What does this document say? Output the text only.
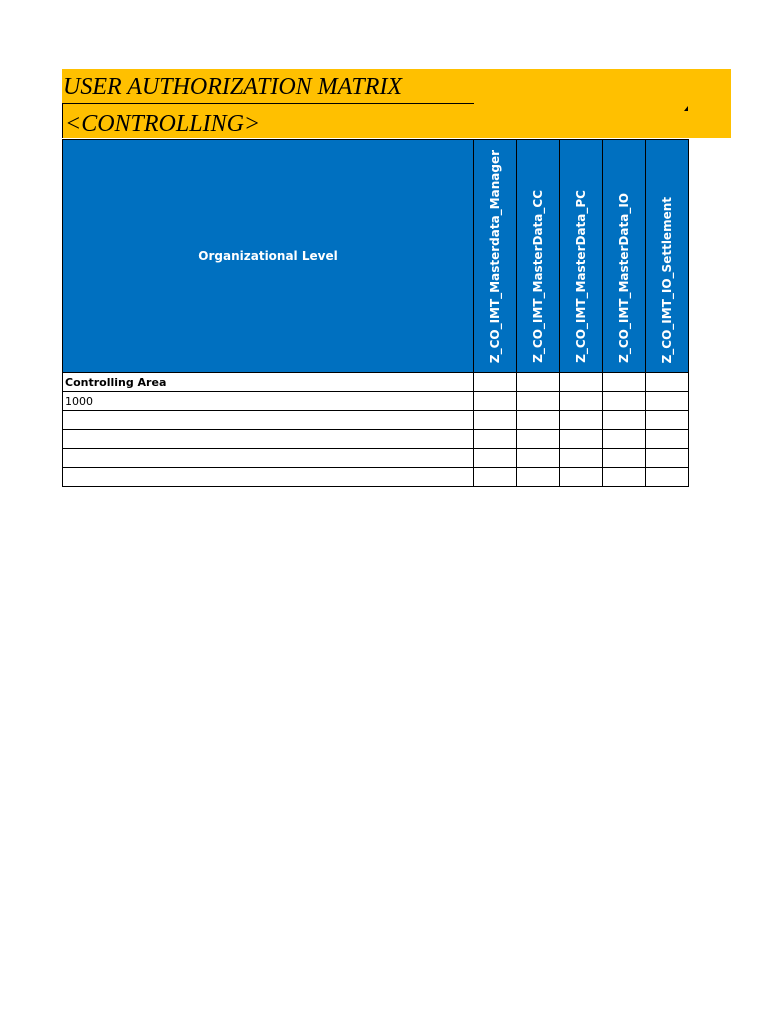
USER AUTHORIZATION MATRIX
<CONTROLLING>
Organizational Level	Z_CO_IMT_Masterdata_Manager	Z_CO_IMT_MasterData_CC	Z_CO_IMT_MasterData_PC	Z_CO_IMT_MasterData_IO	Z_CO_IMT_IO_Settlement
Controlling Area					
1000					
